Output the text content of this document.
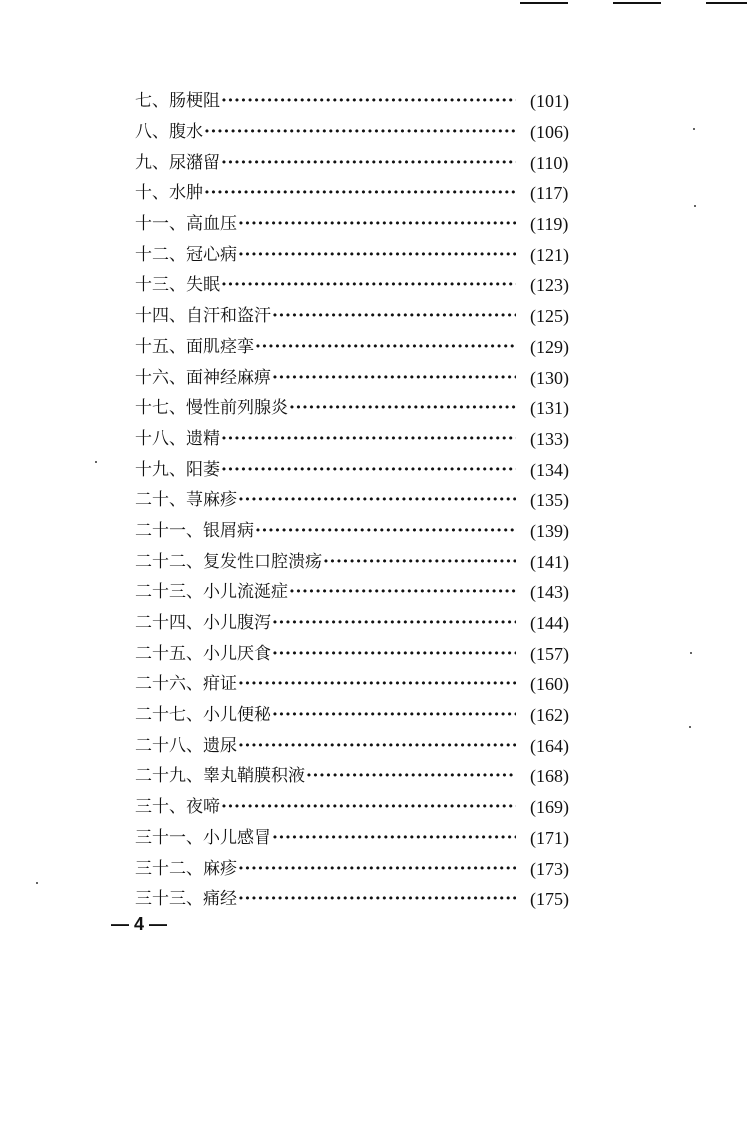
七、肠梗阻 ·····	(101)
八、腹水 ·····	(106)
九、尿潴留 ·····	(110)
十、水肿 ·····	(117)
十一、高血压 ·····	(119)
十二、冠心病 ·····	(121)
十三、失眠 ·····	(123)
十四、自汗和盗汗 ·····	(125)
十五、面肌痉挛 ·····	(129)
十六、面神经麻痹 ·····	(130)
十七、慢性前列腺炎 ·····	(131)
十八、遗精 ·····	(133)
十九、阳萎 ·····	(134)
二十、荨麻疹 ·····	(135)
二十一、银屑病 ·····	(139)
二十二、复发性口腔溃疡 ·····	(141)
二十三、小儿流涎症 ·····	(143)
二十四、小儿腹泻 ·····	(144)
二十五、小儿厌食 ·····	(157)
二十六、疳证 ·····	(160)
二十七、小儿便秘 ·····	(162)
二十八、遗尿 ·····	(164)
二十九、睾丸鞘膜积液 ·····	(168)
三十、夜啼 ·····	(169)
三十一、小儿感冒 ·····	(171)
三十二、麻疹 ·····	(173)
三十三、痛经 ·····	(175)
— 4 —
